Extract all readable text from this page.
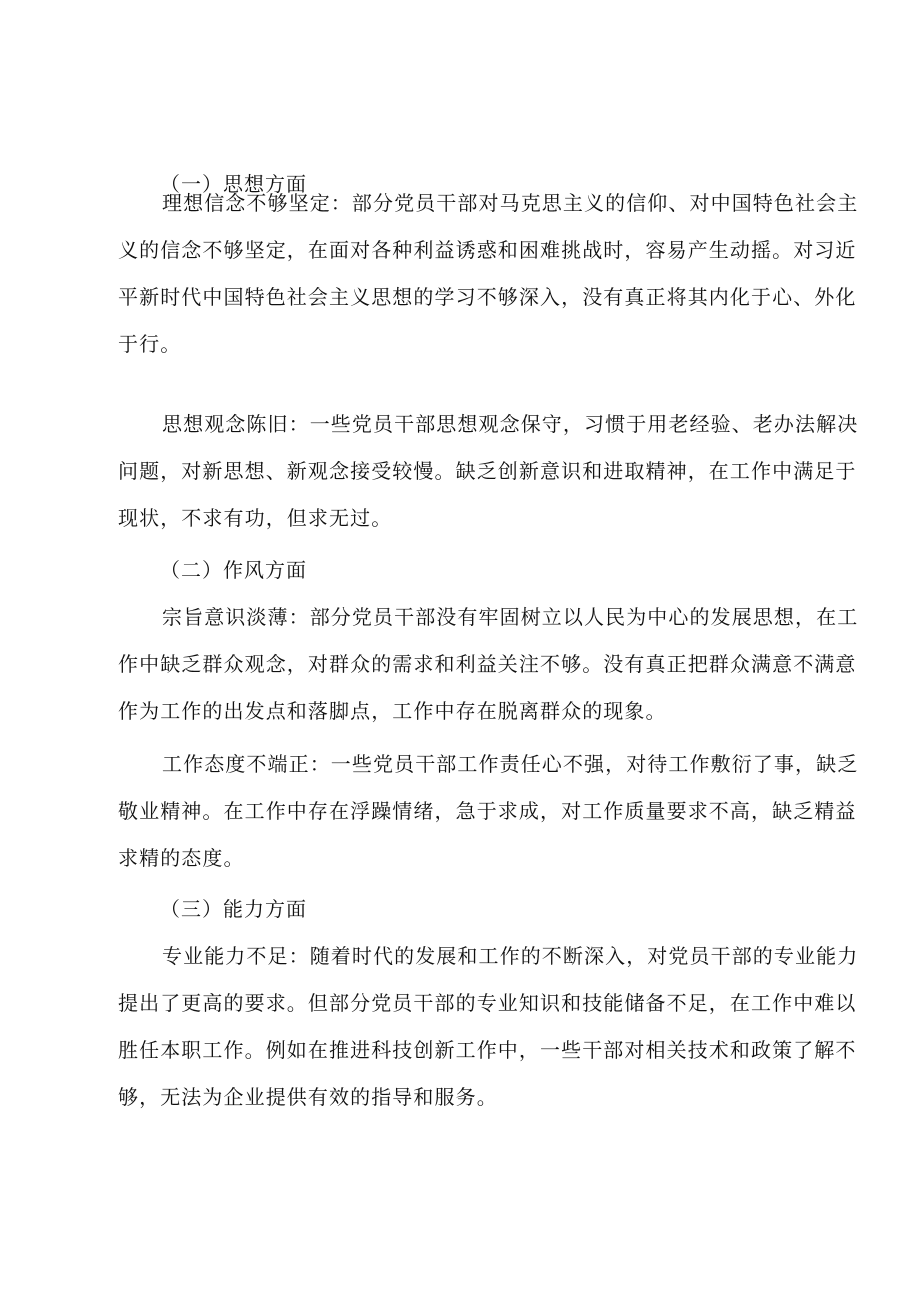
（一）思想方面

理想信念不够坚定：部分党员干部对马克思主义的信仰、对中国特色社会主
义的信念不够坚定，在面对各种利益诱惑和困难挑战时，容易产生动摇。对习近
平新时代中国特色社会主义思想的学习不够深入，没有真正将其内化于心、外化
于行。

思想观念陈旧：一些党员干部思想观念保守，习惯于用老经验、老办法解决
问题，对新思想、新观念接受较慢。缺乏创新意识和进取精神，在工作中满足于
现状，不求有功，但求无过。

（二）作风方面

宗旨意识淡薄：部分党员干部没有牢固树立以人民为中心的发展思想，在工
作中缺乏群众观念，对群众的需求和利益关注不够。没有真正把群众满意不满意
作为工作的出发点和落脚点，工作中存在脱离群众的现象。

工作态度不端正：一些党员干部工作责任心不强，对待工作敷衍了事，缺乏
敬业精神。在工作中存在浮躁情绪，急于求成，对工作质量要求不高，缺乏精益
求精的态度。

（三）能力方面

专业能力不足：随着时代的发展和工作的不断深入，对党员干部的专业能力
提出了更高的要求。但部分党员干部的专业知识和技能储备不足，在工作中难以
胜任本职工作。例如在推进科技创新工作中，一些干部对相关技术和政策了解不
够，无法为企业提供有效的指导和服务。
